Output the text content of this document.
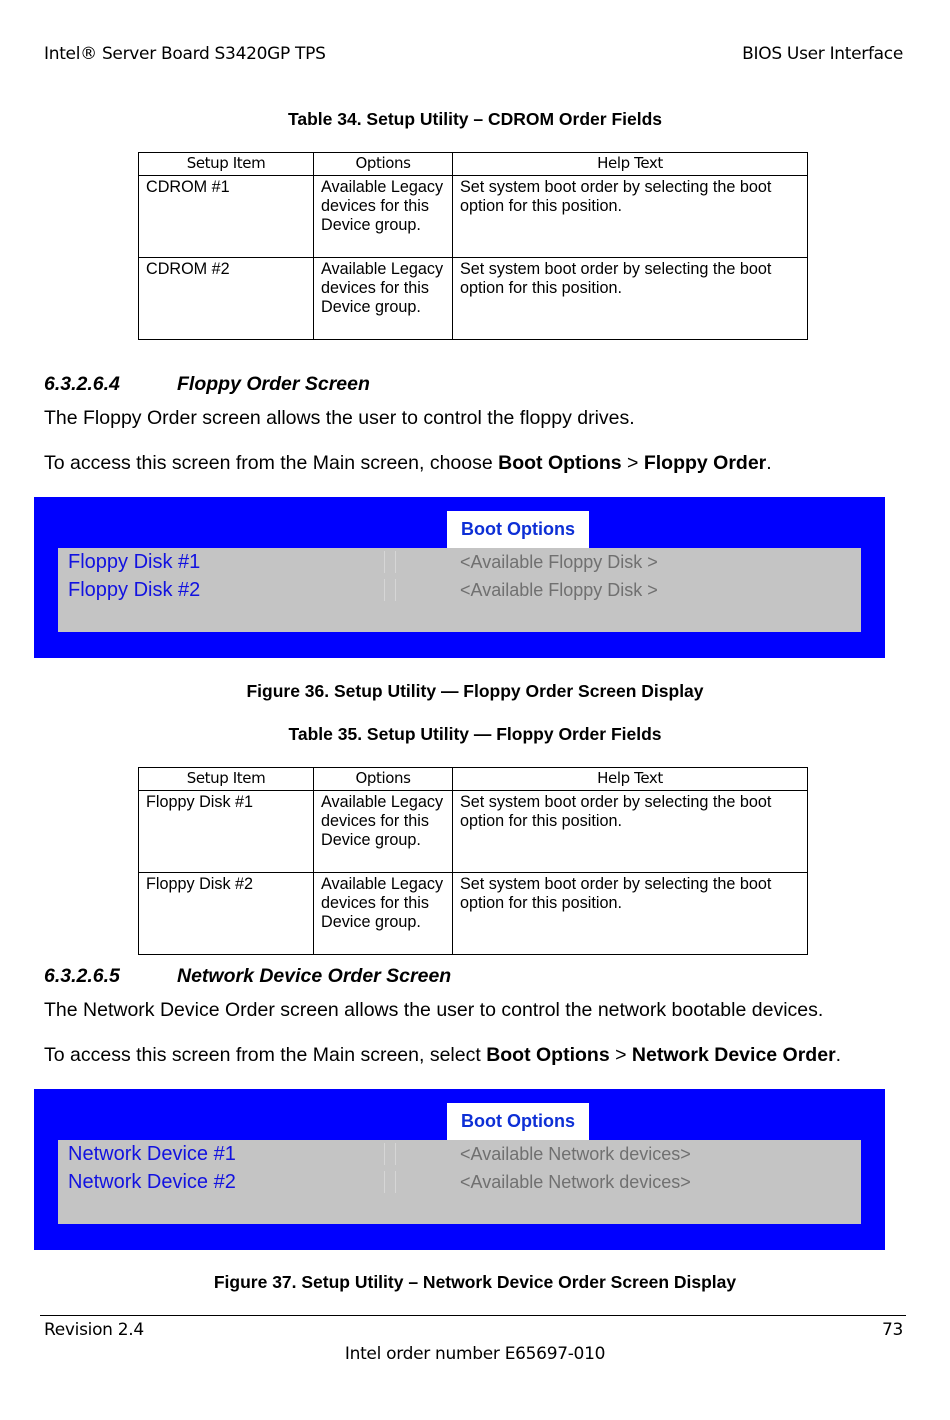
Intel® Server Board S3420GP TPS	BIOS User Interface
Table 34. Setup Utility – CDROM Order Fields
Setup Item	Options	Help Text
CDROM #1	Available Legacy devices for this Device group.	Set system boot order by selecting the boot option for this position.
CDROM #2	Available Legacy devices for this Device group.	Set system boot order by selecting the boot option for this position.
6.3.2.6.4	Floppy Order Screen
The Floppy Order screen allows the user to control the floppy drives.
To access this screen from the Main screen, choose Boot Options > Floppy Order.
Boot Options
Floppy Disk #1	<Available Floppy Disk >
Floppy Disk #2	<Available Floppy Disk >
Figure 36. Setup Utility — Floppy Order Screen Display
Table 35. Setup Utility — Floppy Order Fields
Setup Item	Options	Help Text
Floppy Disk #1	Available Legacy devices for this Device group.	Set system boot order by selecting the boot option for this position.
Floppy Disk #2	Available Legacy devices for this Device group.	Set system boot order by selecting the boot option for this position.
6.3.2.6.5	Network Device Order Screen
The Network Device Order screen allows the user to control the network bootable devices.
To access this screen from the Main screen, select Boot Options > Network Device Order.
Boot Options
Network Device #1	<Available Network devices>
Network Device #2	<Available Network devices>
Figure 37. Setup Utility – Network Device Order Screen Display
Revision 2.4	73
Intel order number E65697-010
